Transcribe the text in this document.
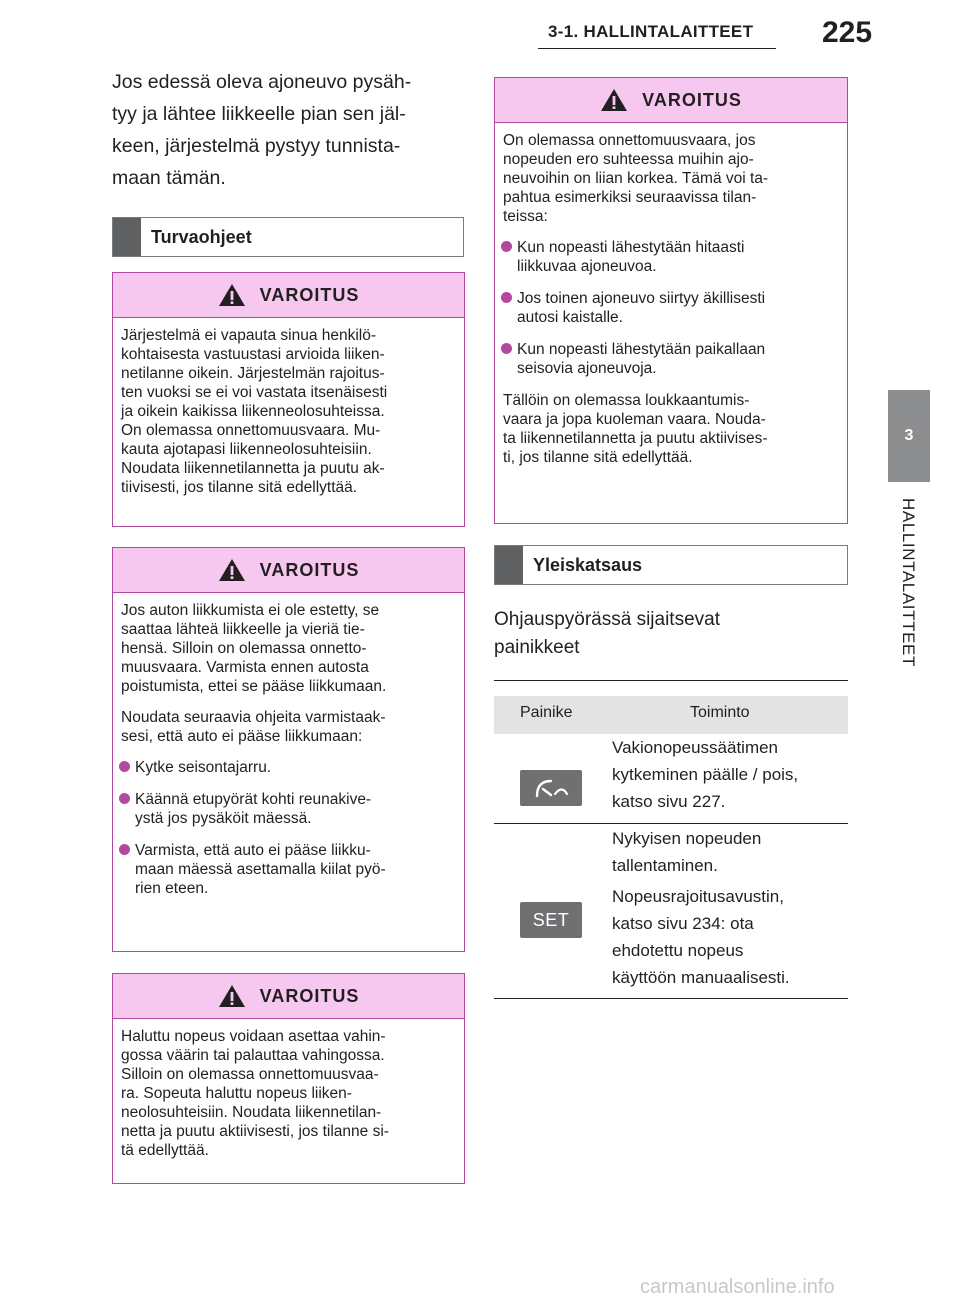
3-1. HALLINTALAITTEET 225
3
HALLINTALAITTEET
Jos edessä oleva ajoneuvo pysäh-
tyy ja lähtee liikkeelle pian sen jäl-
keen, järjestelmä pystyy tunnista-
maan tämän.
Turvaohjeet
VAROITUS

Järjestelmä ei vapauta sinua henkilö-
kohtaisesta vastuustasi arvioida liiken-
netilanne oikein. Järjestelmän rajoitus-
ten vuoksi se ei voi vastata itsenäisesti
ja oikein kaikissa liikenneolosuhteissa.
On olemassa onnettomuusvaara. Mu-
kauta ajotapasi liikenneolosuhteisiin.
Noudata liikennetilannetta ja puutu ak-
tiivisesti, jos tilanne sitä edellyttää.

VAROITUS

Jos auton liikkumista ei ole estetty, se
saattaa lähteä liikkeelle ja vieriä tie-
hensä. Silloin on olemassa onnetto-
muusvaara. Varmista ennen autosta
poistumista, ettei se pääse liikkumaan.

Noudata seuraavia ohjeita varmistaak-
sesi, että auto ei pääse liikkumaan:

Kytke seisontajarru.
Käännä etupyörät kohti reunakive-
ystä jos pysäköit mäessä.
Varmista, että auto ei pääse liikku-
maan mäessä asettamalla kiilat pyö-
rien eteen.
VAROITUS

Haluttu nopeus voidaan asettaa vahin-
gossa väärin tai palauttaa vahingossa.
Silloin on olemassa onnettomuusvaa-
ra. Sopeuta haluttu nopeus liiken-
neolosuhteisiin. Noudata liikennetilan-
netta ja puutu aktiivisesti, jos tilanne si-
tä edellyttää.

VAROITUS

On olemassa onnettomuusvaara, jos
nopeuden ero suhteessa muihin ajo-
neuvoihin on liian korkea. Tämä voi ta-
pahtua esimerkiksi seuraavissa tilan-
teissa:

Kun nopeasti lähestytään hitaasti
liikkuvaa ajoneuvoa.
Jos toinen ajoneuvo siirtyy äkillisesti
autosi kaistalle.
Kun nopeasti lähestytään paikallaan
seisovia ajoneuvoja.

Tällöin on olemassa loukkaantumis-
vaara ja jopa kuoleman vaara. Nouda-
ta liikennetilannetta ja puutu aktiivises-
ti, jos tilanne sitä edellyttää.

Yleiskatsaus
Ohjauspyörässä sijaitsevat
painikkeet
Painike	Toiminto
Vakionopeussäätimen
kytkeminen päälle / pois,
katso sivu 227.
SET
Nykyisen nopeuden
tallentaminen.
Nopeusrajoitusavustin,
katso sivu 234: ota
ehdotettu nopeus
käyttöön manuaalisesti.
carmanualsonline.info
